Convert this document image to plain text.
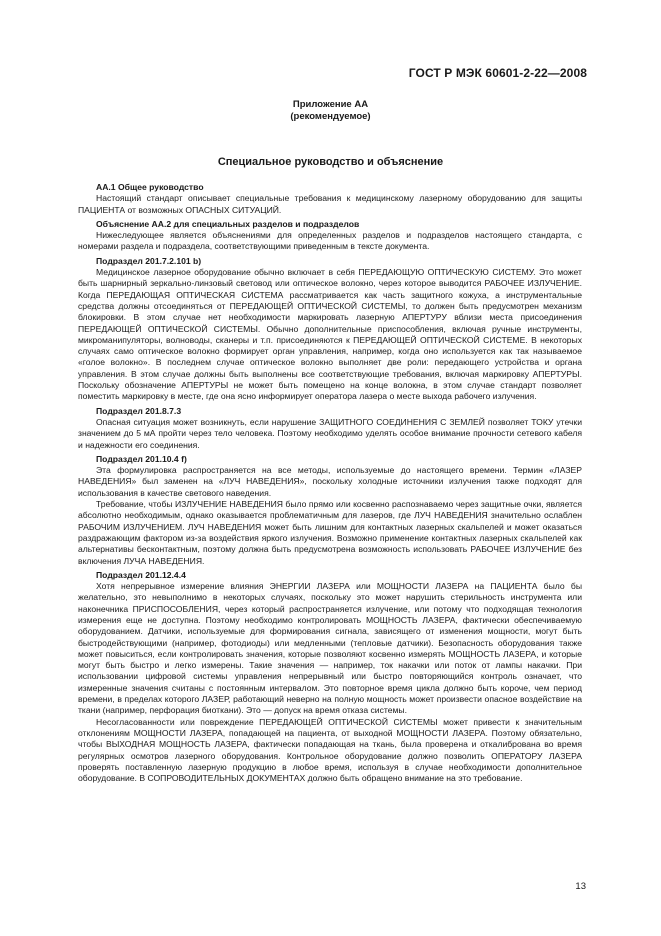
ГОСТ Р МЭК 60601-2-22—2008
Приложение АА
(рекомендуемое)
Специальное руководство и объяснение
АА.1 Общее руководство

Настоящий стандарт описывает специальные требования к медицинскому лазерному оборудованию для защиты ПАЦИЕНТА от возможных ОПАСНЫХ СИТУАЦИЙ.

Объяснение АА.2 для специальных разделов и подразделов

Нижеследующее является объяснениями для определенных разделов и подразделов настоящего стандарта, с номерами раздела и подраздела, соответствующими приведенным в тексте документа.

Подраздел 201.7.2.101 b)

Медицинское лазерное оборудование обычно включает в себя ПЕРЕДАЮЩУЮ ОПТИЧЕСКУЮ СИСТЕМУ. Это может быть шарнирный зеркально-линзовый световод или оптическое волокно, через которое выводится РАБОЧЕЕ ИЗЛУЧЕНИЕ. Когда ПЕРЕДАЮЩАЯ ОПТИЧЕСКАЯ СИСТЕМА рассматривается как часть защитного кожуха, а инструментальные средства должны отсоединяться от ПЕРЕДАЮЩЕЙ ОПТИЧЕСКОЙ СИСТЕМЫ, то должен быть предусмотрен механизм блокировки. В этом случае нет необходимости маркировать лазерную АПЕРТУРУ вблизи места присоединения ПЕРЕДАЮЩЕЙ ОПТИЧЕСКОЙ СИСТЕМЫ. Обычно дополнительные приспособления, включая ручные инструменты, микроманипуляторы, волноводы, сканеры и т.п. присоединяются к ПЕРЕДАЮЩЕЙ ОПТИЧЕСКОЙ СИСТЕМЕ. В некоторых случаях само оптическое волокно формирует орган управления, например, когда оно используется как так называемое «голое волокно». В последнем случае оптическое волокно выполняет две роли: передающего устройства и органа управления. В этом случае должны быть выполнены все соответствующие требования, включая маркировку АПЕРТУРЫ. Поскольку обозначение АПЕРТУРЫ не может быть помещено на конце волокна, в этом случае стандарт позволяет поместить маркировку в месте, где она ясно информирует оператора лазера о месте выхода рабочего излучения.

Подраздел 201.8.7.3

Опасная ситуация может возникнуть, если нарушение ЗАЩИТНОГО СОЕДИНЕНИЯ С ЗЕМЛЕЙ позволяет ТОКУ утечки значением до 5 мА пройти через тело человека. Поэтому необходимо уделять особое внимание прочности сетевого кабеля и надежности его соединения.

Подраздел 201.10.4 f)

Эта формулировка распространяется на все методы, используемые до настоящего времени. Термин «ЛАЗЕР НАВЕДЕНИЯ» был заменен на «ЛУЧ НАВЕДЕНИЯ», поскольку холодные источники излучения также подходят для использования в качестве светового наведения.

Требование, чтобы ИЗЛУЧЕНИЕ НАВЕДЕНИЯ было прямо или косвенно распознаваемо через защитные очки, является абсолютно необходимым, однако оказывается проблематичным для лазеров, где ЛУЧ НАВЕДЕНИЯ значительно ослаблен РАБОЧИМ ИЗЛУЧЕНИЕМ. ЛУЧ НАВЕДЕНИЯ может быть лишним для контактных лазерных скальпелей и может оказаться раздражающим фактором из-за воздействия яркого излучения. Возможно применение контактных лазерных скальпелей как альтернативы бесконтактным, поэтому должна быть предусмотрена возможность использовать РАБОЧЕЕ ИЗЛУЧЕНИЕ без включения ЛУЧА НАВЕДЕНИЯ.

Подраздел 201.12.4.4

Хотя непрерывное измерение влияния ЭНЕРГИИ ЛАЗЕРА или МОЩНОСТИ ЛАЗЕРА на ПАЦИЕНТА было бы желательно, это невыполнимо в некоторых случаях, поскольку это может нарушить стерильность инструмента или наконечника ПРИСПОСОБЛЕНИЯ, через который распространяется излучение, или потому что подходящая технология измерения еще не доступна. Поэтому необходимо контролировать МОЩНОСТЬ ЛАЗЕРА, фактически обеспечиваемую оборудованием. Датчики, используемые для формирования сигнала, зависящего от изменения мощности, могут быть быстродействующими (например, фотодиоды) или медленными (тепловые датчики). Безопасность оборудования также может повыситься, если контролировать значения, которые позволяют косвенно измерять МОЩНОСТЬ ЛАЗЕРА, и которые могут быть быстро и легко измерены. Такие значения — например, ток накачки или поток от лампы накачки. При использовании цифровой системы управления непрерывный или быстро повторяющийся контроль означает, что измеренные значения считаны с постоянным интервалом. Это повторное время цикла должно быть короче, чем период времени, в пределах которого ЛАЗЕР, работающий неверно на полную мощность может произвести опасное воздействие на ткани (например, перфорация биоткани). Это — допуск на время отказа системы.

Несогласованности или повреждение ПЕРЕДАЮЩЕЙ ОПТИЧЕСКОЙ СИСТЕМЫ может привести к значительным отклонениям МОЩНОСТИ ЛАЗЕРА, попадающей на пациента, от выходной МОЩНОСТИ ЛАЗЕРА. Поэтому обязательно, чтобы ВЫХОДНАЯ МОЩНОСТЬ ЛАЗЕРА, фактически попадающая на ткань, была проверена и откалибрована во время регулярных осмотров лазерного оборудования. Контрольное оборудование должно позволить ОПЕРАТОРУ ЛАЗЕРА проверять поставленную лазерную продукцию в любое время, используя в случае необходимости дополнительное оборудование. В СОПРОВОДИТЕЛЬНЫХ ДОКУМЕНТАХ должно быть обращено внимание на это требование.

13
